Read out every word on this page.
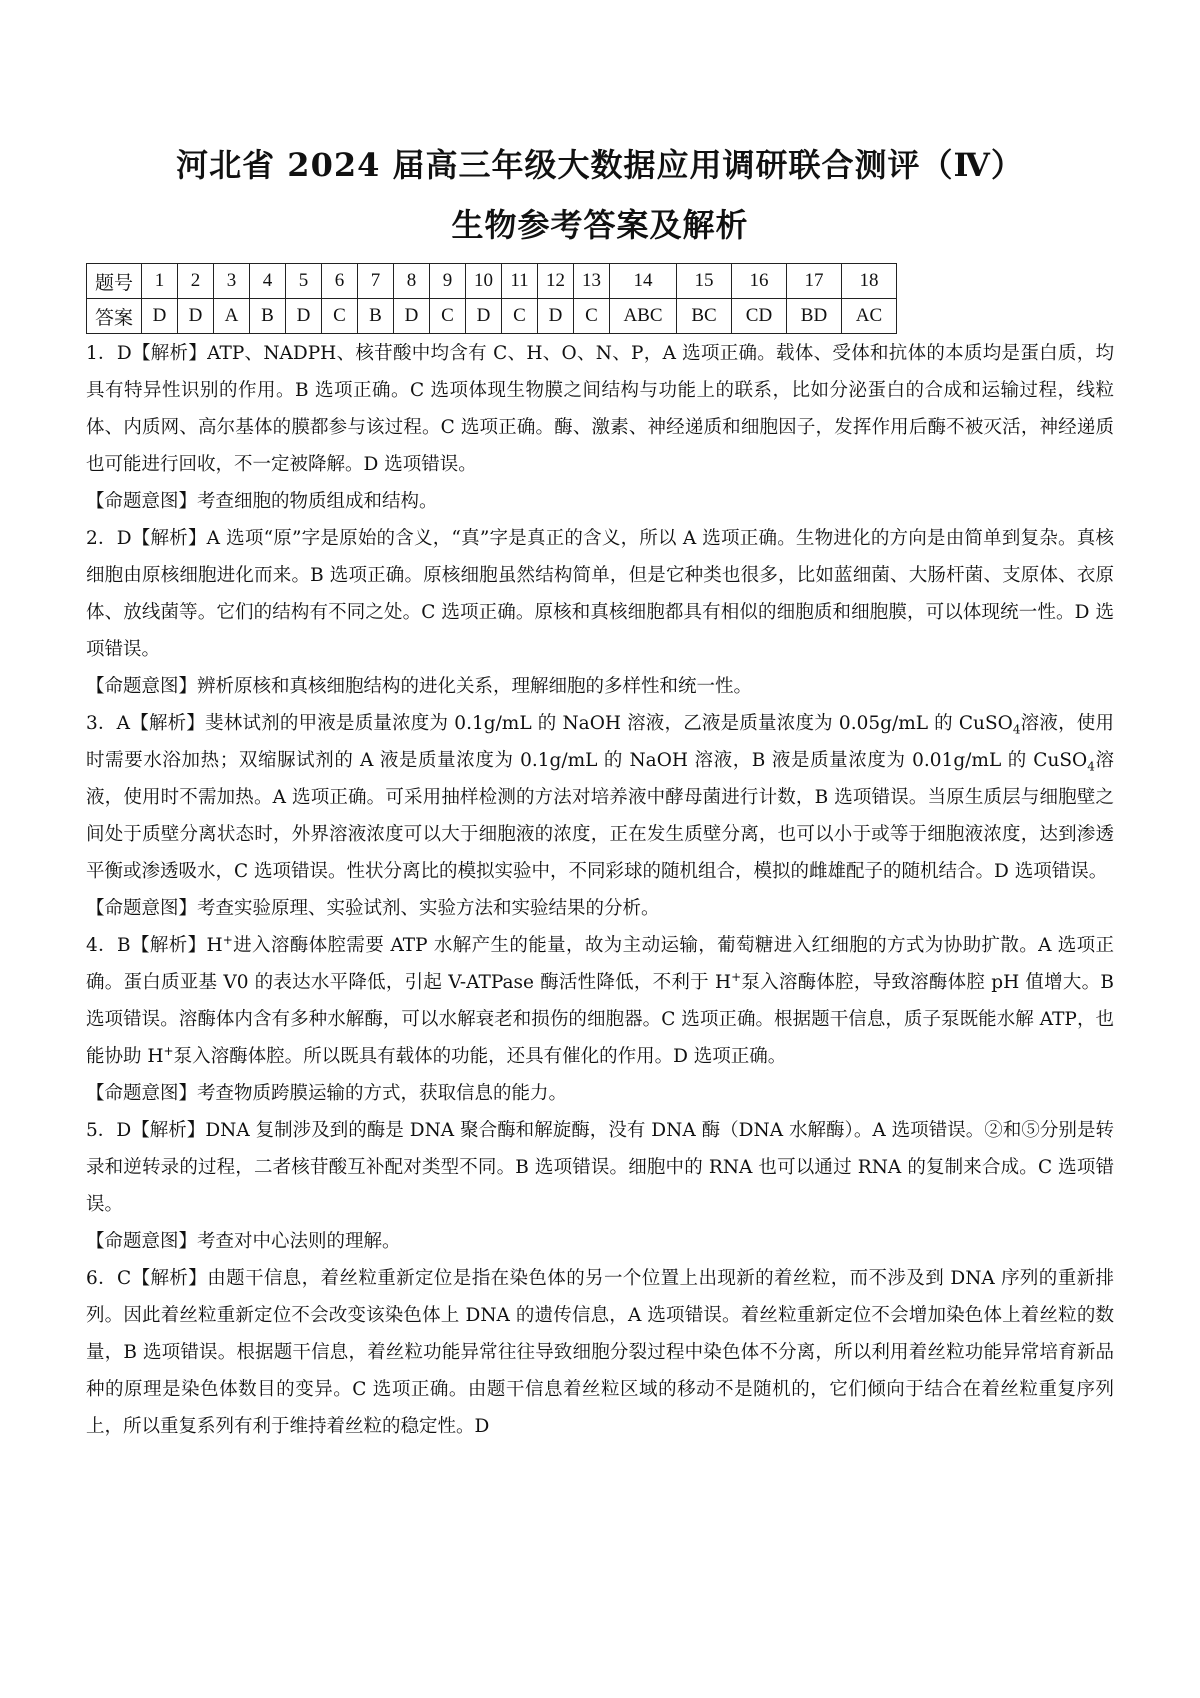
河北省 2024 届高三年级大数据应用调研联合测评（Ⅳ）
生物参考答案及解析
题号	1	2	3	4	5	6	7	8	9	10	11	12	13	14	15	16	17	18
答案	D	D	A	B	D	C	B	D	C	D	C	D	C	ABC	BC	CD	BD	AC

1．D【解析】ATP、NADPH、核苷酸中均含有 C、H、O、N、P，A 选项正确。载体、受体和抗体的本质均是蛋白质，均具有特异性识别的作用。B 选项正确。C 选项体现生物膜之间结构与功能上的联系，比如分泌蛋白的合成和运输过程，线粒体、内质网、高尔基体的膜都参与该过程。C 选项正确。酶、激素、神经递质和细胞因子，发挥作用后酶不被灭活，神经递质也可能进行回收，不一定被降解。D 选项错误。

【命题意图】考查细胞的物质组成和结构。

2．D【解析】A 选项“原”字是原始的含义，“真”字是真正的含义，所以 A 选项正确。生物进化的方向是由简单到复杂。真核细胞由原核细胞进化而来。B 选项正确。原核细胞虽然结构简单，但是它种类也很多，比如蓝细菌、大肠杆菌、支原体、衣原体、放线菌等。它们的结构有不同之处。C 选项正确。原核和真核细胞都具有相似的细胞质和细胞膜，可以体现统一性。D 选项错误。

【命题意图】辨析原核和真核细胞结构的进化关系，理解细胞的多样性和统一性。

3．A【解析】斐林试剂的甲液是质量浓度为 0.1g/mL 的 NaOH 溶液，乙液是质量浓度为 0.05g/mL 的 CuSO$_4$溶液，使用时需要水浴加热；双缩脲试剂的 A 液是质量浓度为 0.1g/mL 的 NaOH 溶液，B 液是质量浓度为 0.01g/mL 的 CuSO$_4$溶液，使用时不需加热。A 选项正确。可采用抽样检测的方法对培养液中酵母菌进行计数，B 选项错误。当原生质层与细胞壁之间处于质壁分离状态时，外界溶液浓度可以大于细胞液的浓度，正在发生质壁分离，也可以小于或等于细胞液浓度，达到渗透平衡或渗透吸水，C 选项错误。性状分离比的模拟实验中，不同彩球的随机组合，模拟的雌雄配子的随机结合。D 选项错误。

【命题意图】考查实验原理、实验试剂、实验方法和实验结果的分析。

4．B【解析】H+进入溶酶体腔需要 ATP 水解产生的能量，故为主动运输，葡萄糖进入红细胞的方式为协助扩散。A 选项正确。蛋白质亚基 V0 的表达水平降低，引起 V-ATPase 酶活性降低，不利于 H+泵入溶酶体腔，导致溶酶体腔 pH 值增大。B 选项错误。溶酶体内含有多种水解酶，可以水解衰老和损伤的细胞器。C 选项正确。根据题干信息，质子泵既能水解 ATP，也能协助 H+泵入溶酶体腔。所以既具有载体的功能，还具有催化的作用。D 选项正确。

【命题意图】考查物质跨膜运输的方式，获取信息的能力。

5．D【解析】DNA 复制涉及到的酶是 DNA 聚合酶和解旋酶，没有 DNA 酶（DNA 水解酶）。A 选项错误。②和⑤分别是转录和逆转录的过程，二者核苷酸互补配对类型不同。B 选项错误。细胞中的 RNA 也可以通过 RNA 的复制来合成。C 选项错误。

【命题意图】考查对中心法则的理解。

6．C【解析】由题干信息，着丝粒重新定位是指在染色体的另一个位置上出现新的着丝粒，而不涉及到 DNA 序列的重新排列。因此着丝粒重新定位不会改变该染色体上 DNA 的遗传信息，A 选项错误。着丝粒重新定位不会增加染色体上着丝粒的数量，B 选项错误。根据题干信息，着丝粒功能异常往往导致细胞分裂过程中染色体不分离，所以利用着丝粒功能异常培育新品种的原理是染色体数目的变异。C 选项正确。由题干信息着丝粒区域的移动不是随机的，它们倾向于结合在着丝粒重复序列上，所以重复系列有利于维持着丝粒的稳定性。D
